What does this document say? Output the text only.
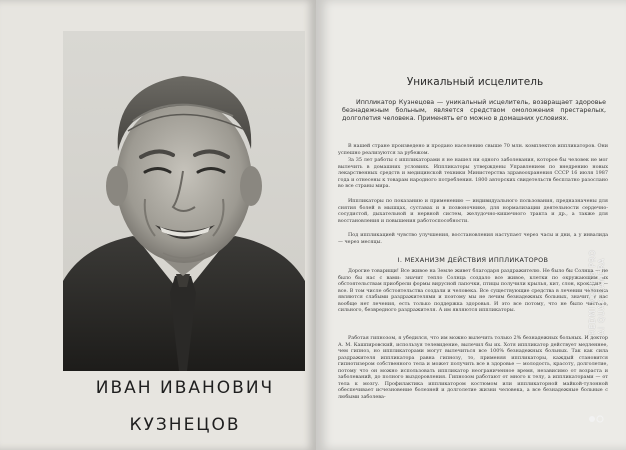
ИВАН ИВАНОВИЧ
КУЗНЕЦОВ
Уникальный исцелитель
Иппликатор Кузнецова — уникальный исцелитель, возвращает здоровье безнадежным больным, является средством омоложения престарелых, долголетия человека. Применять его можно в домашних условиях.
В нашей стране произведено и продано населению свыше 70 млн. комплектов иппликаторов. Они успешно реализуются за рубежом.
За 35 лет работы с иппликаторами я не нашел ни одного заболевания, которое бы человек не мог вылечить в домашних условиях. Иппликаторы утверждены Управлением по внедрению новых лекарственных средств и медицинской техники Министерства здравоохранения СССР 16 июля 1987 года и отнесены к товарам народного потребления. 1800 авторских свидетельств бесплатно разослано во все страны мира.
Иппликаторы по показанию и применению — индивидуального пользования, предназначены для снятия болей в мышцах, суставах и в позвоночнике, для нормализации деятельности сердечно-сосудистой, дыхательной и нервной систем, желудочно-кишечного тракта и др., а также для восстановления и повышения работоспособности.
Под иппликацией чувство улучшения, восстановления наступает через часы и дни, а у инвалида — через месяцы.
I. МЕХАНИЗМ ДЕЙСТВИЯ ИППЛИКАТОРОВ
Дорогие товарищи! Все живое на Земле живет благодаря раздражителю. Не было бы Солнца — не было бы нас с вами: значит тепло Солнца создало все живое, клетки по окружающим их обстоятельствам приобрели формы вирусной лапочки, птицы получили крылья, кит, слон, крокодил — все. В том числе обстоятельства создали и человека. Все существующие средства в лечении человека являются слабыми раздражителями и поэтому мы не лечим безнадежных больных, значит, у нас вообще нет лечения, есть только поддержка здоровья. И это все потому, что не было чистого, сильного, безвредного раздражителя. А им являются иппликаторы.
Работая гипнозом, я убедился, что им можно вылечить только 2% безнадежных больных. И доктор А. М. Кашпировский, используя телевидение, вылечил бы их. Хотя иппликатор действует медленнее, чем гипноз, но иппликаторами могут вылечиться все 100% безнадежных больных. Так как сила раздражителя иппликатора равна гипнозу, то, применяя иппликаторы, каждый становится гипнотизером собственного тела и может получить все в здоровье — молодость, красоту, долголетие, потому что он можно использовать иппликатор неограниченное время, независимо от возраста и заболеваний, до полного выздоровления. Гипнозом работают от много к телу, а иппликаторами — от тела к мозгу. Профилактика иппликатором костюмом или иппликаторной майкой-тулонной обеспечивает исчезновение болезней и долголетие жизни человека, а все безнадежные больные с любыми заболева-
REDMI NOTE 8 PRO AI QUAD CAMERA
